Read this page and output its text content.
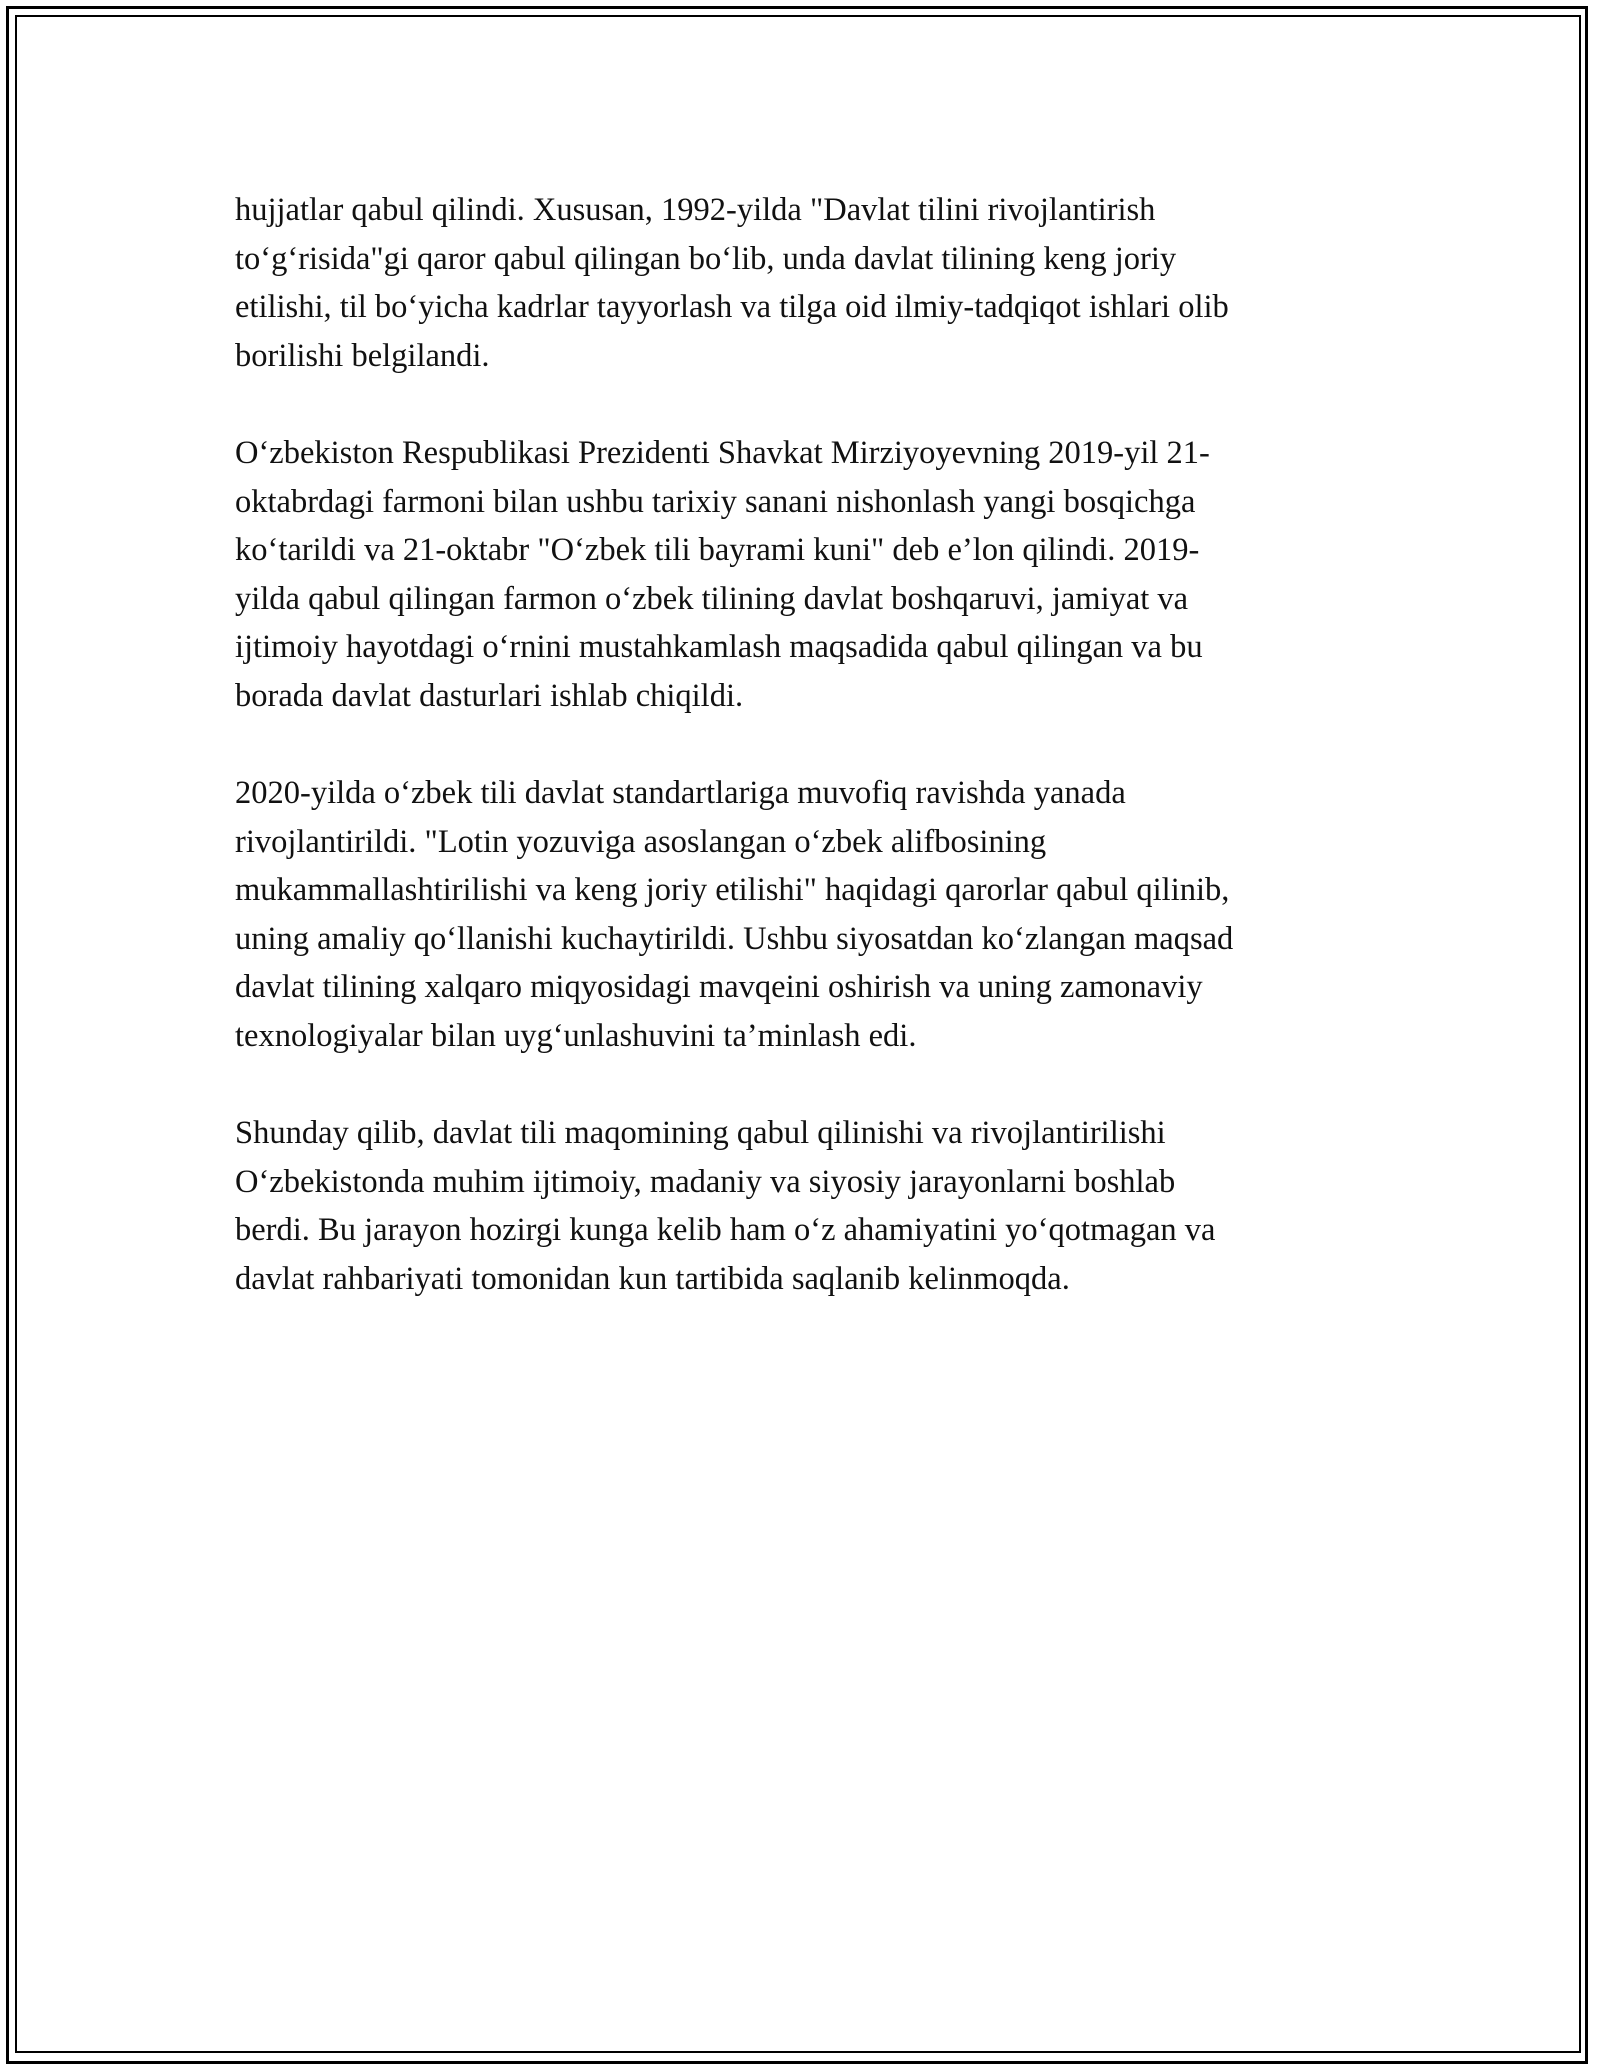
hujjatlar qabul qilindi. Xususan, 1992-yilda "Davlat tilini rivojlantirish
to‘g‘risida"gi qaror qabul qilingan bo‘lib, unda davlat tilining keng joriy
etilishi, til bo‘yicha kadrlar tayyorlash va tilga oid ilmiy-tadqiqot ishlari olib
borilishi belgilandi.

O‘zbekiston Respublikasi Prezidenti Shavkat Mirziyoyevning 2019-yil 21-
oktabrdagi farmoni bilan ushbu tarixiy sanani nishonlash yangi bosqichga
ko‘tarildi va 21-oktabr "O‘zbek tili bayrami kuni" deb e’lon qilindi. 2019-
yilda qabul qilingan farmon o‘zbek tilining davlat boshqaruvi, jamiyat va
ijtimoiy hayotdagi o‘rnini mustahkamlash maqsadida qabul qilingan va bu
borada davlat dasturlari ishlab chiqildi.

2020-yilda o‘zbek tili davlat standartlariga muvofiq ravishda yanada
rivojlantirildi. "Lotin yozuviga asoslangan o‘zbek alifbosining
mukammallashtirilishi va keng joriy etilishi" haqidagi qarorlar qabul qilinib,
uning amaliy qo‘llanishi kuchaytirildi. Ushbu siyosatdan ko‘zlangan maqsad
davlat tilining xalqaro miqyosidagi mavqeini oshirish va uning zamonaviy
texnologiyalar bilan uyg‘unlashuvini ta’minlash edi.

Shunday qilib, davlat tili maqomining qabul qilinishi va rivojlantirilishi
O‘zbekistonda muhim ijtimoiy, madaniy va siyosiy jarayonlarni boshlab
berdi. Bu jarayon hozirgi kunga kelib ham o‘z ahamiyatini yo‘qotmagan va
davlat rahbariyati tomonidan kun tartibida saqlanib kelinmoqda.
